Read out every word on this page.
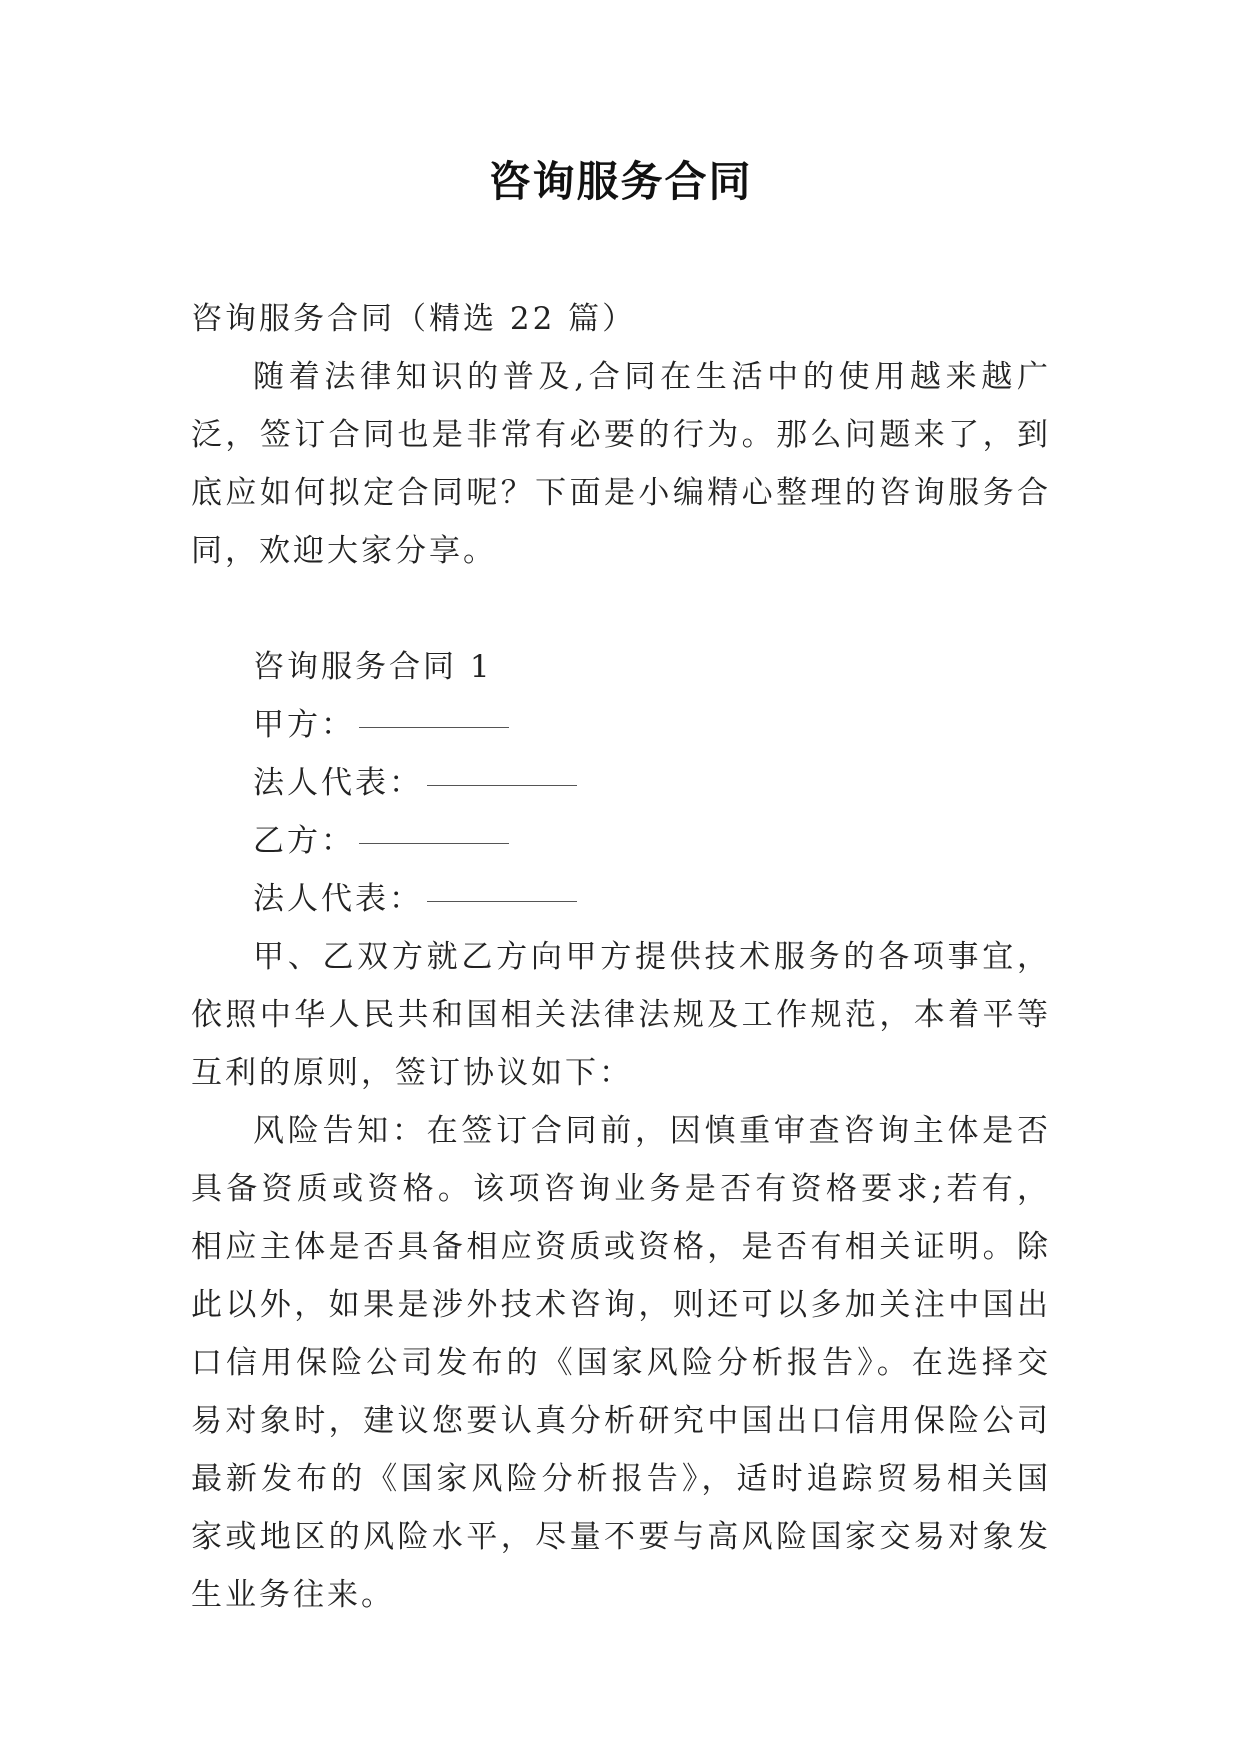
咨询服务合同

咨询服务合同（精选 22 篇）

随着法律知识的普及,合同在生活中的使用越来越广泛，签订合同也是非常有必要的行为。那么问题来了，到底应如何拟定合同呢？下面是小编精心整理的咨询服务合同，欢迎大家分享。

咨询服务合同 1

甲方：

法人代表：

乙方：

法人代表：

甲、乙双方就乙方向甲方提供技术服务的各项事宜，依照中华人民共和国相关法律法规及工作规范，本着平等互利的原则，签订协议如下：

风险告知：在签订合同前，因慎重审查咨询主体是否具备资质或资格。该项咨询业务是否有资格要求;若有，相应主体是否具备相应资质或资格，是否有相关证明。除此以外，如果是涉外技术咨询，则还可以多加关注中国出口信用保险公司发布的《国家风险分析报告》。在选择交易对象时，建议您要认真分析研究中国出口信用保险公司最新发布的《国家风险分析报告》，适时追踪贸易相关国家或地区的风险水平，尽量不要与高风险国家交易对象发生业务往来。
